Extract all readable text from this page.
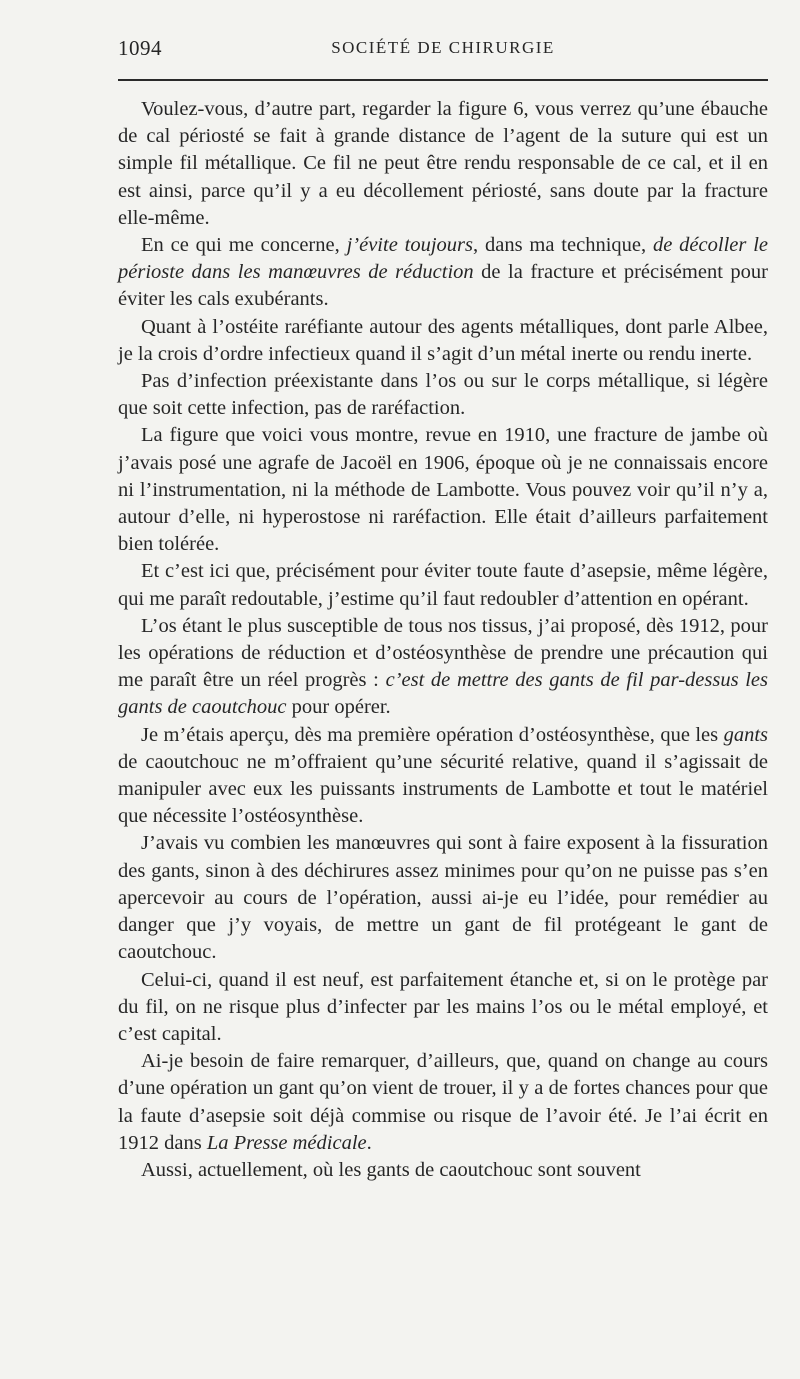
1094	SOCIÉTÉ DE CHIRURGIE

Voulez-vous, d’autre part, regarder la figure 6, vous verrez qu’une ébauche de cal périosté se fait à grande distance de l’agent de la suture qui est un simple fil métallique. Ce fil ne peut être rendu responsable de ce cal, et il en est ainsi, parce qu’il y a eu décollement périosté, sans doute par la fracture elle-même.

En ce qui me concerne, j’évite toujours, dans ma technique, de décoller le périoste dans les manœuvres de réduction de la fracture et précisément pour éviter les cals exubérants.

Quant à l’ostéite raréfiante autour des agents métalliques, dont parle Albee, je la crois d’ordre infectieux quand il s’agit d’un métal inerte ou rendu inerte.

Pas d’infection préexistante dans l’os ou sur le corps métallique, si légère que soit cette infection, pas de raréfaction.

La figure que voici vous montre, revue en 1910, une fracture de jambe où j’avais posé une agrafe de Jacoël en 1906, époque où je ne connaissais encore ni l’instrumentation, ni la méthode de Lambotte. Vous pouvez voir qu’il n’y a, autour d’elle, ni hyperostose ni raréfaction. Elle était d’ailleurs parfaitement bien tolérée.

Et c’est ici que, précisément pour éviter toute faute d’asepsie, même légère, qui me paraît redoutable, j’estime qu’il faut redoubler d’attention en opérant.

L’os étant le plus susceptible de tous nos tissus, j’ai proposé, dès 1912, pour les opérations de réduction et d’ostéosynthèse de prendre une précaution qui me paraît être un réel progrès : c’est de mettre des gants de fil par-dessus les gants de caoutchouc pour opérer.

Je m’étais aperçu, dès ma première opération d’ostéosynthèse, que les gants de caoutchouc ne m’offraient qu’une sécurité relative, quand il s’agissait de manipuler avec eux les puissants instruments de Lambotte et tout le matériel que nécessite l’ostéosynthèse.

J’avais vu combien les manœuvres qui sont à faire exposent à la fissuration des gants, sinon à des déchirures assez minimes pour qu’on ne puisse pas s’en apercevoir au cours de l’opération, aussi ai-je eu l’idée, pour remédier au danger que j’y voyais, de mettre un gant de fil protégeant le gant de caoutchouc.

Celui-ci, quand il est neuf, est parfaitement étanche et, si on le protège par du fil, on ne risque plus d’infecter par les mains l’os ou le métal employé, et c’est capital.

Ai-je besoin de faire remarquer, d’ailleurs, que, quand on change au cours d’une opération un gant qu’on vient de trouer, il y a de fortes chances pour que la faute d’asepsie soit déjà commise ou risque de l’avoir été. Je l’ai écrit en 1912 dans La Presse médicale.

Aussi, actuellement, où les gants de caoutchouc sont souvent
